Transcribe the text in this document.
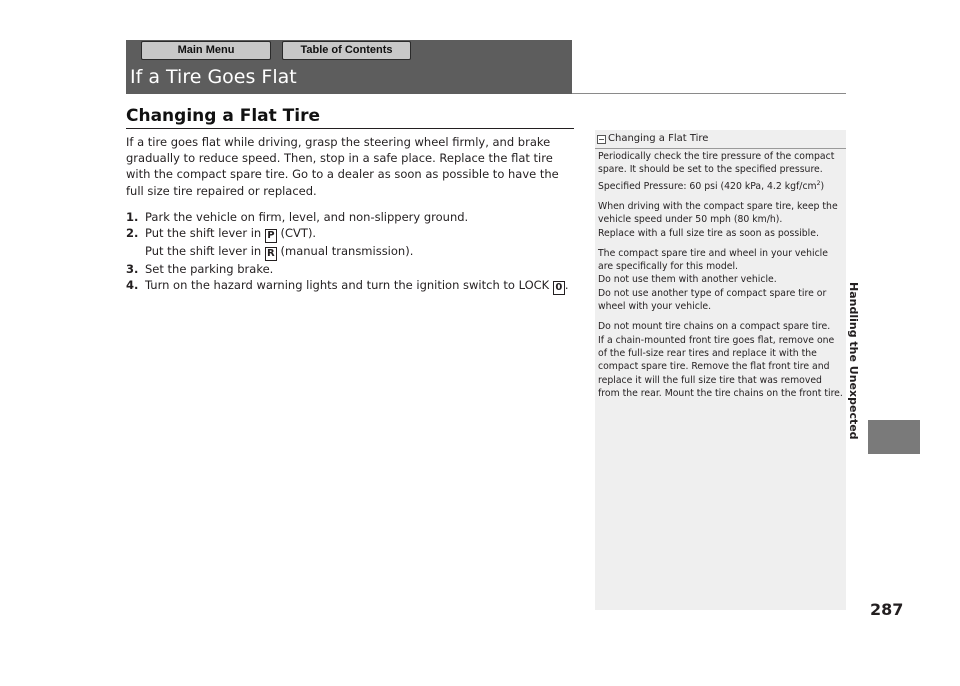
Main Menu	Table of Contents
If a Tire Goes Flat
Changing a Flat Tire

If a tire goes flat while driving, grasp the steering wheel firmly, and brake gradually to reduce speed. Then, stop in a safe place. Replace the flat tire with the compact spare tire. Go to a dealer as soon as possible to have the full size tire repaired or replaced.

1. Park the vehicle on firm, level, and non-slippery ground.
2. Put the shift lever in P (CVT).
Put the shift lever in R (manual transmission).
3. Set the parking brake.
4. Turn on the hazard warning lights and turn the ignition switch to LOCK 0 .
Changing a Flat Tire

Periodically check the tire pressure of the compact spare. It should be set to the specified pressure.
Specified Pressure: 60 psi (420 kPa, 4.2 kgf/$cm^2$)

When driving with the compact spare tire, keep the vehicle speed under 50 mph (80 km/h).
Replace with a full size tire as soon as possible.

The compact spare tire and wheel in your vehicle are specifically for this model.
Do not use them with another vehicle.
Do not use another type of compact spare tire or wheel with your vehicle.

Do not mount tire chains on a compact spare tire.
If a chain-mounted front tire goes flat, remove one of the full-size rear tires and replace it with the compact spare tire. Remove the flat front tire and replace it will the full size tire that was removed from the rear. Mount the tire chains on the front tire. Handling the Unexpected
287
